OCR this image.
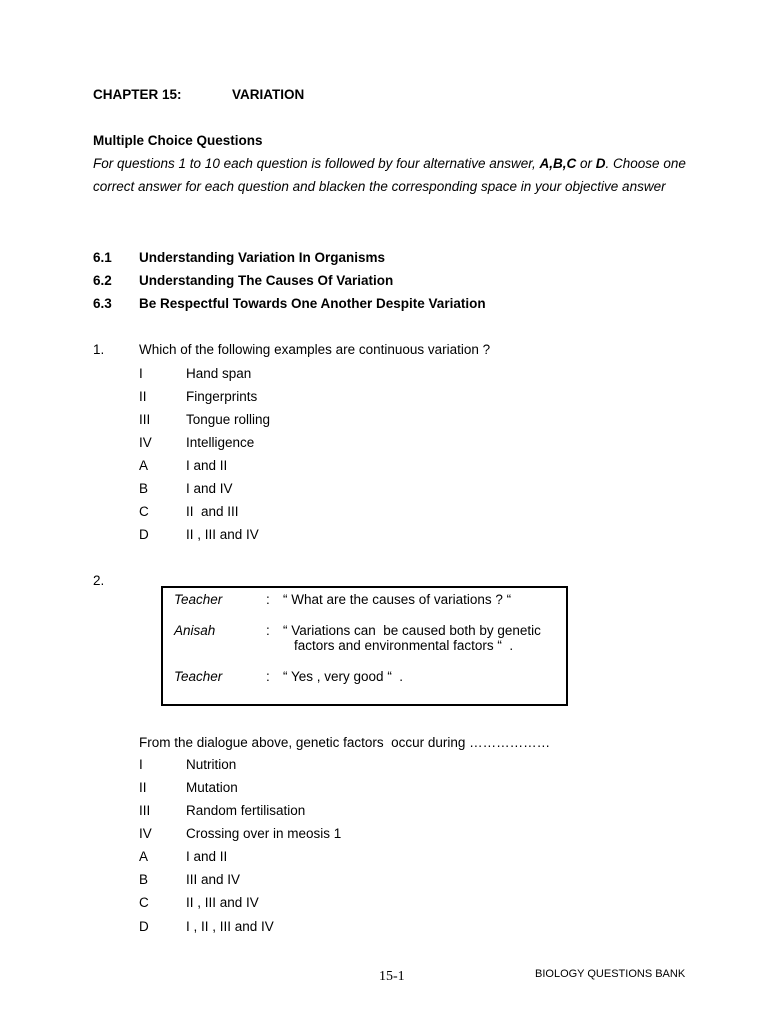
CHAPTER 15:	VARIATION
Multiple Choice Questions
For questions 1 to 10 each question is followed by four alternative answer, A,B,C or D. Choose one correct answer for each question and blacken the corresponding space in your objective answer
6.1 Understanding Variation In Organisms
6.2 Understanding The Causes Of Variation
6.3 Be Respectful Towards One Another Despite Variation
1.	Which of the following examples are continuous variation ?
I	Hand span
II	Fingerprints
III	Tongue rolling
IV	Intelligence
A	I and II
B	I and IV
C	II  and III
D	II , III and IV
2.
Teacher	: “ What are the causes of variations ? “
Anisah	: “ Variations can  be caused both by genetic
factors and environmental factors “  .
Teacher	: “ Yes , very good “  .
From the dialogue above, genetic factors  occur during ………………
I	Nutrition
II	Mutation
III	Random fertilisation
IV	Crossing over in meosis 1
A	I and II
B	III and IV
C	II , III and IV
D	I , II , III and IV
15-1	BIOLOGY QUESTIONS BANK
